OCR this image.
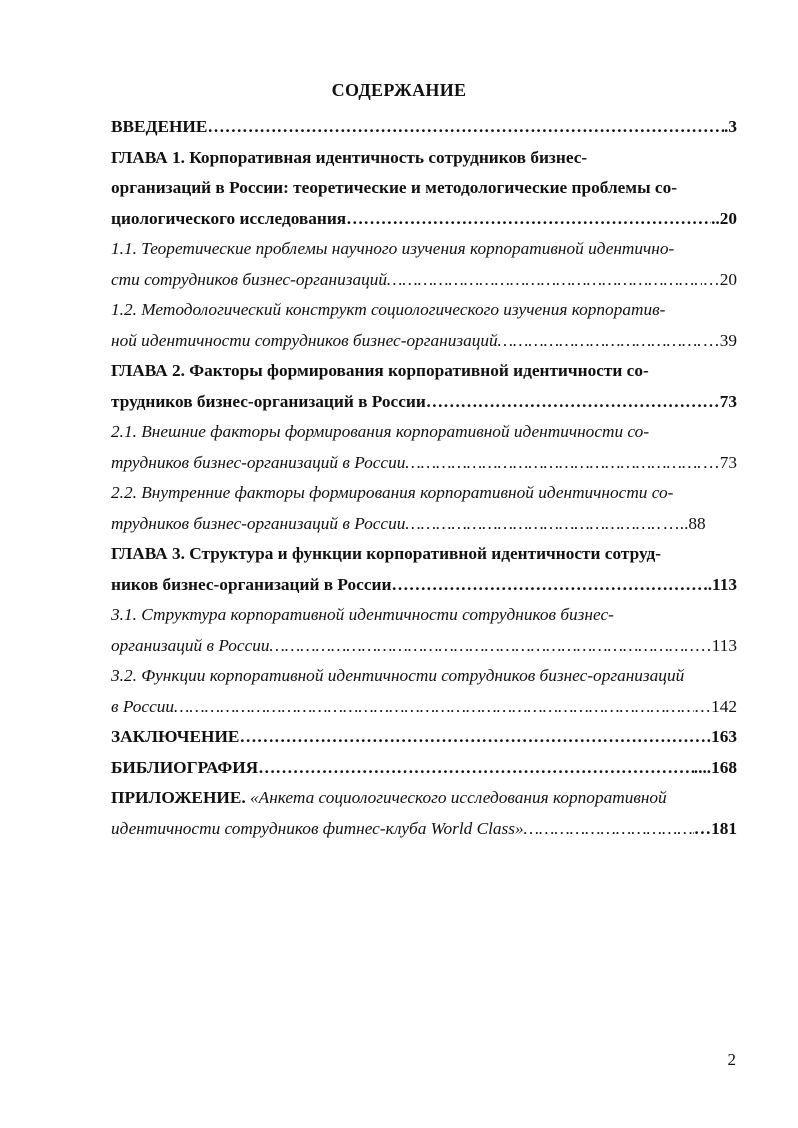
СОДЕРЖАНИЕ
ВВЕДЕНИЕ …………………………………………………………………………………………………………………………………………………………………………………………………………	.3
ГЛАВА 1. Корпоративная идентичность сотрудников бизнес-
организаций в России: теоретические и методологические проблемы со-
циологического исследования …………………………………………………………………………………………………………………………………………………………………………………………………………	..20
1.1. Теоретические проблемы научного изучения корпоративной идентично-
сти сотрудников бизнес-организаций …………………………………………………………………………………………………………………………………………………………………………………………………………	…20
1.2. Методологический конструкт социологического изучения корпоратив-
ной идентичности сотрудников бизнес-организаций …………………………………………………………………………………………………………………………………………………………………………………………………………	…39
ГЛАВА 2. Факторы формирования корпоративной идентичности со-
трудников бизнес-организаций в России …………………………………………………………………………………………………………………………………………………………………………………………………………	73
2.1. Внешние факторы формирования корпоративной идентичности со-
трудников бизнес-организаций в России …………………………………………………………………………………………………………………………………………………………………………………………………………	…73
2.2. Внутренние факторы формирования корпоративной идентичности со-
трудников бизнес-организаций в России …………………………………………………………………………………………………………………………………………………………………………………………………………	…..88
ГЛАВА 3. Структура и функции корпоративной идентичности сотруд-
ников бизнес-организаций в России …………………………………………………………………………………………………………………………………………………………………………………………………………	..113
3.1. Структура корпоративной идентичности сотрудников бизнес-
организаций в России …………………………………………………………………………………………………………………………………………………………………………………………………………	…113
3.2. Функции корпоративной идентичности сотрудников бизнес-организаций
в России …………………………………………………………………………………………………………………………………………………………………………………………………………	…142
ЗАКЛЮЧЕНИЕ …………………………………………………………………………………………………………………………………………………………………………………………………………	163
БИБЛИОГРАФИЯ …………………………………………………………………………………………………………………………………………………………………………………………………………	....168
ПРИЛОЖЕНИЕ. «Анкета социологического исследования корпоративной
идентичности сотрудников фитнес-клуба World Class» …………………………………………………………………………………………………………………………………………………………………………………………………………	…181
2
